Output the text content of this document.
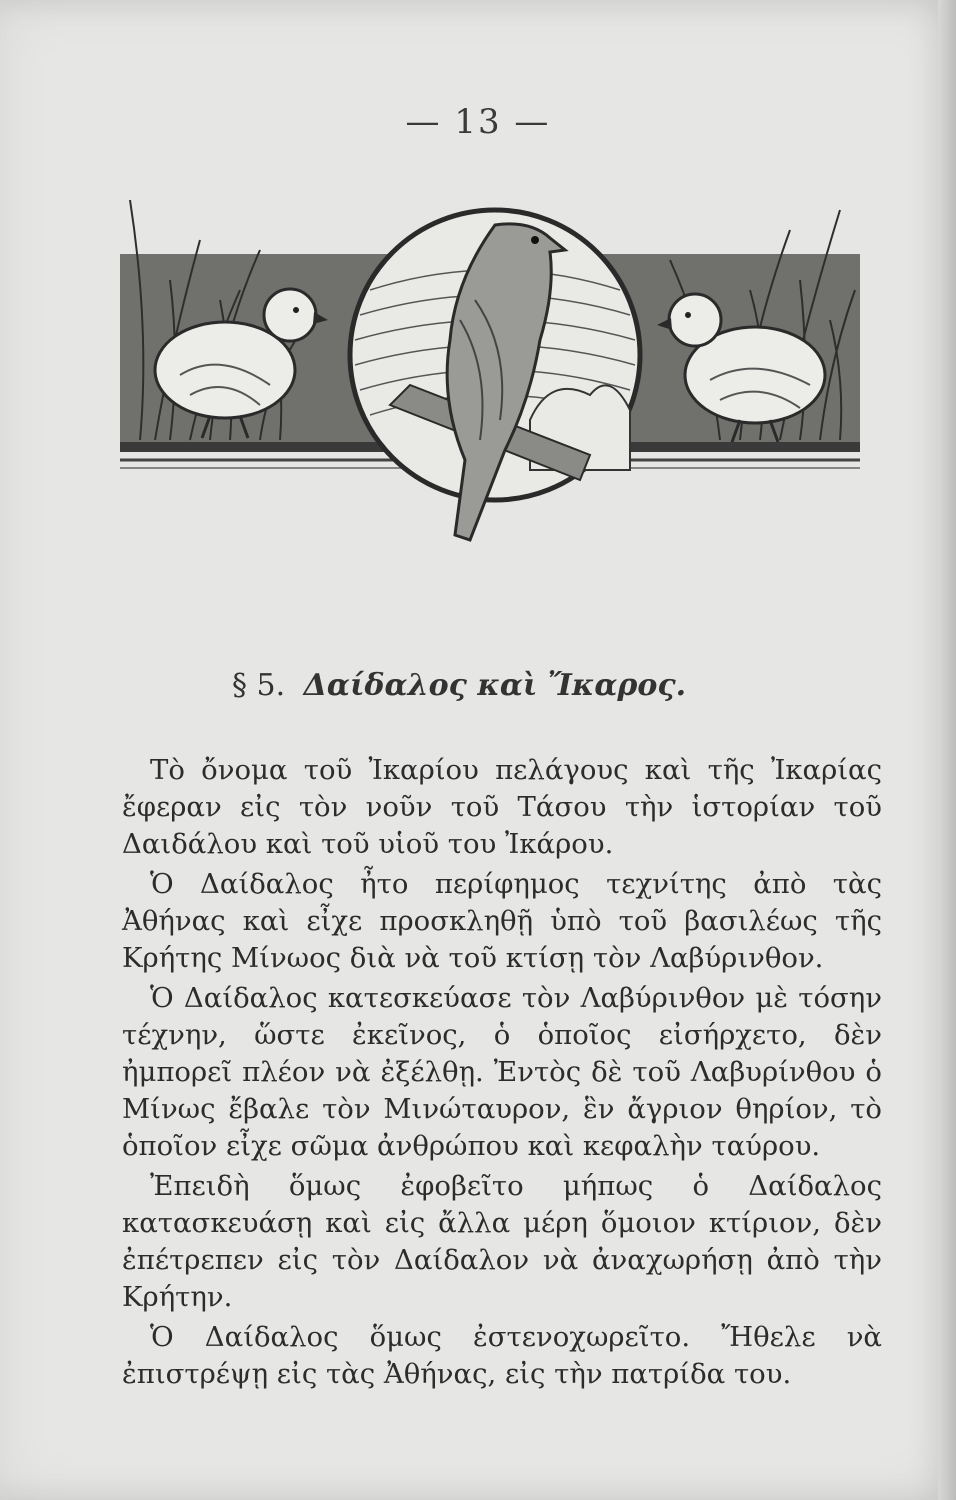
— 13 —
§ 5. Δαίδαλος καὶ Ἴκαρος.

Τὸ ὄνομα τοῦ Ἰκαρίου πελάγους καὶ τῆς Ἰκαρίας ἔφεραν εἰς τὸν νοῦν τοῦ Τάσου τὴν ἱστορίαν τοῦ Δαιδάλου καὶ τοῦ υἱοῦ του Ἰκάρου.

Ὁ Δαίδαλος ἦτο περίφημος τεχνίτης ἀπὸ τὰς Ἀθήνας καὶ εἶχε προσκληθῇ ὑπὸ τοῦ βασιλέως τῆς Κρήτης Μίνωος διὰ νὰ τοῦ κτίσῃ τὸν Λαβύρινθον.

Ὁ Δαίδαλος κατεσκεύασε τὸν Λαβύρινθον μὲ τόσην τέχνην, ὥστε ἐκεῖνος, ὁ ὁποῖος εἰσήρχετο, δὲν ἠμπορεῖ πλέον νὰ ἐξέλθῃ. Ἐντὸς δὲ τοῦ Λαβυρίνθου ὁ Μίνως ἔβαλε τὸν Μινώταυρον, ἓν ἄγριον θηρίον, τὸ ὁποῖον εἶχε σῶμα ἀνθρώπου καὶ κεφαλὴν ταύρου.

Ἐπειδὴ ὅμως ἐφοβεῖτο μήπως ὁ Δαίδαλος κατασκευάσῃ καὶ εἰς ἄλλα μέρη ὅμοιον κτίριον, δὲν ἐπέτρεπεν εἰς τὸν Δαίδαλον νὰ ἀναχωρήσῃ ἀπὸ τὴν Κρήτην.

Ὁ Δαίδαλος ὅμως ἐστενοχωρεῖτο. Ἤθελε νὰ ἐπιστρέψῃ εἰς τὰς Ἀθήνας, εἰς τὴν πατρίδα του.
